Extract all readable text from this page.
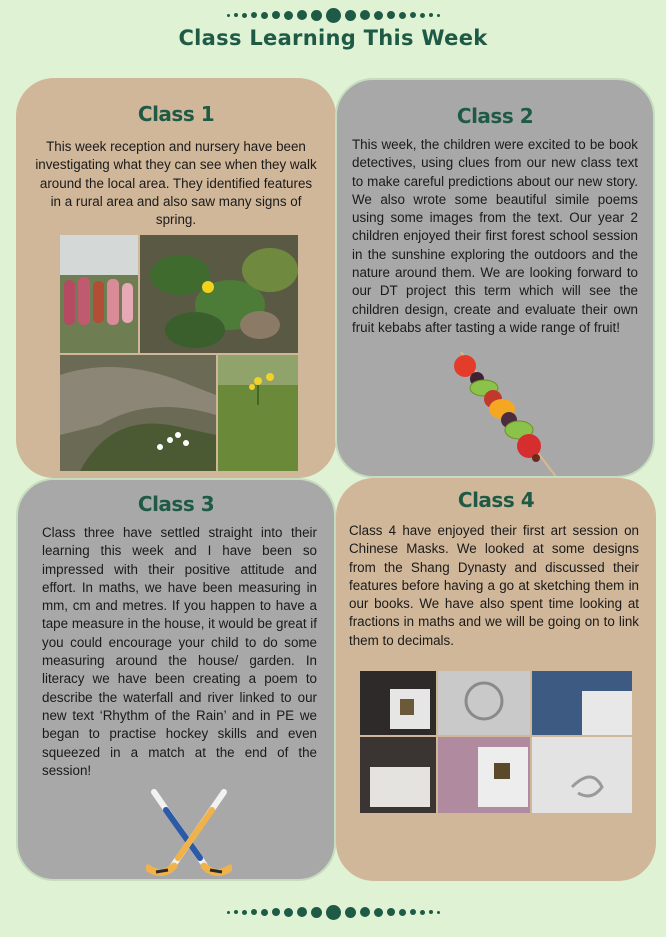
Class Learning This Week
Class 1
This week reception and nursery have been investigating what they can see when they walk around the local area. They identified features in a rural area and also saw many signs of spring.
Class 2
This week, the children were excited to be book detectives, using clues from our new class text to make careful predictions about our new story. We also wrote some beautiful simile poems using some images from the text. Our year 2 children enjoyed their first forest school session in the sunshine exploring the outdoors and the nature around them. We are looking forward to our DT project this term which will see the children design, create and evaluate their own fruit kebabs after tasting a wide range of fruit!
Class 3
Class three have settled straight into their learning this week and I have been so impressed with their positive attitude and effort. In maths, we have been measuring in mm, cm and metres. If you happen to have a tape measure in the house, it would be great if you could encourage your child to do some measuring around the house/ garden. In literacy we have been creating a poem to describe the waterfall and river linked to our new text ‘Rhythm of the Rain’ and in PE we began to practise hockey skills and even squeezed in a match at the end of the session!
Class 4
Class 4 have enjoyed their first art session on Chinese Masks. We looked at some designs from the Shang Dynasty and discussed their features before having a go at sketching them in our books. We have also spent time looking at fractions in maths and we will be going on to link them to decimals.
